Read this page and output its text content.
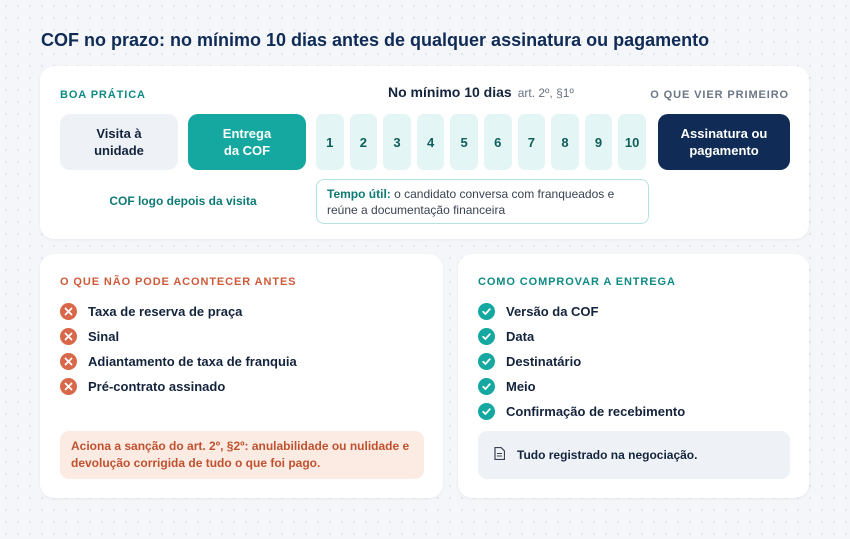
COF no prazo: no mínimo 10 dias antes de qualquer assinatura ou pagamento
BOA PRÁTICA	No mínimo 10 dias art. 2º, §1º	O QUE VIER PRIMEIRO
Visita à unidade
Entrega da COF
1	2	3	4	5	6	7	8	9	10
Assinatura ou pagamento
COF logo depois da visita	Tempo útil: o candidato conversa com franqueados e reúne a documentação financeira
O QUE NÃO PODE ACONTECER ANTES
Taxa de reserva de praça
Sinal
Adiantamento de taxa de franquia
Pré-contrato assinado
Aciona a sanção do art. 2º, §2º: anulabilidade ou nulidade e devolução corrigida de tudo o que foi pago.
COMO COMPROVAR A ENTREGA
Versão da COF
Data
Destinatário
Meio
Confirmação de recebimento
Tudo registrado na negociação.
